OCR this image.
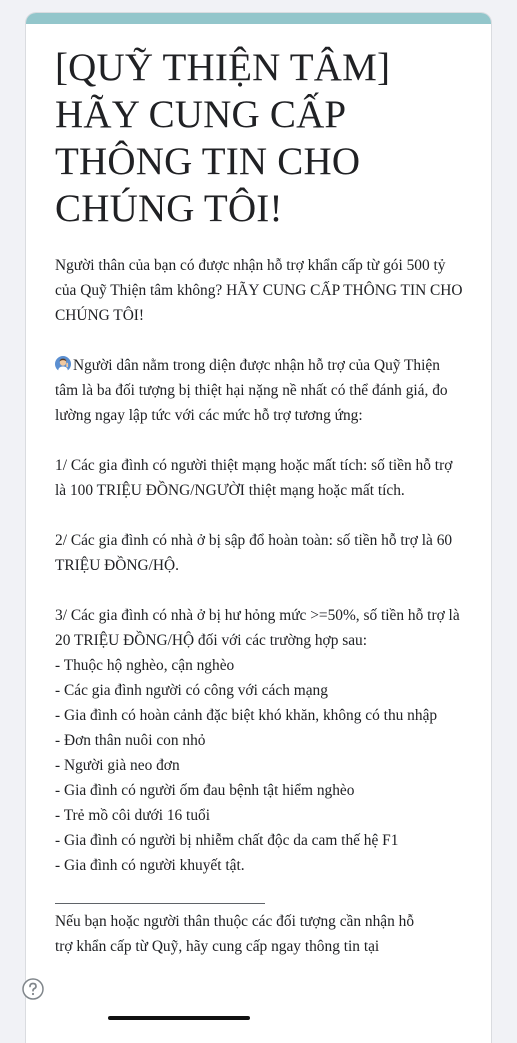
[QUỸ THIỆN TÂM] HÃY CUNG CẤP THÔNG TIN CHO CHÚNG TÔI!

Người thân của bạn có được nhận hỗ trợ khẩn cấp từ gói 500 tỷ của Quỹ Thiện tâm không? HÃY CUNG CẤP THÔNG TIN CHO CHÚNG TÔI!

Người dân nằm trong diện được nhận hỗ trợ của Quỹ Thiện tâm là ba đối tượng bị thiệt hại nặng nề nhất có thể đánh giá, đo lường ngay lập tức với các mức hỗ trợ tương ứng:

1/ Các gia đình có người thiệt mạng hoặc mất tích: số tiền hỗ trợ là 100 TRIỆU ĐỒNG/NGƯỜI thiệt mạng hoặc mất tích.

2/ Các gia đình có nhà ở bị sập đổ hoàn toàn: số tiền hỗ trợ là 60 TRIỆU ĐỒNG/HỘ.

3/ Các gia đình có nhà ở bị hư hỏng mức >=50%, số tiền hỗ trợ là 20 TRIỆU ĐỒNG/HỘ đối với các trường hợp sau:

- Thuộc hộ nghèo, cận nghèo
- Các gia đình người có công với cách mạng
- Gia đình có hoàn cảnh đặc biệt khó khăn, không có thu nhập
- Đơn thân nuôi con nhỏ
- Người già neo đơn
- Gia đình có người ốm đau bệnh tật hiểm nghèo
- Trẻ mồ côi dưới 16 tuổi
- Gia đình có người bị nhiễm chất độc da cam thế hệ F1
- Gia đình có người khuyết tật.

Nếu bạn hoặc người thân thuộc các đối tượng cần nhận hỗ
trợ khẩn cấp từ Quỹ, hãy cung cấp ngay thông tin tại
